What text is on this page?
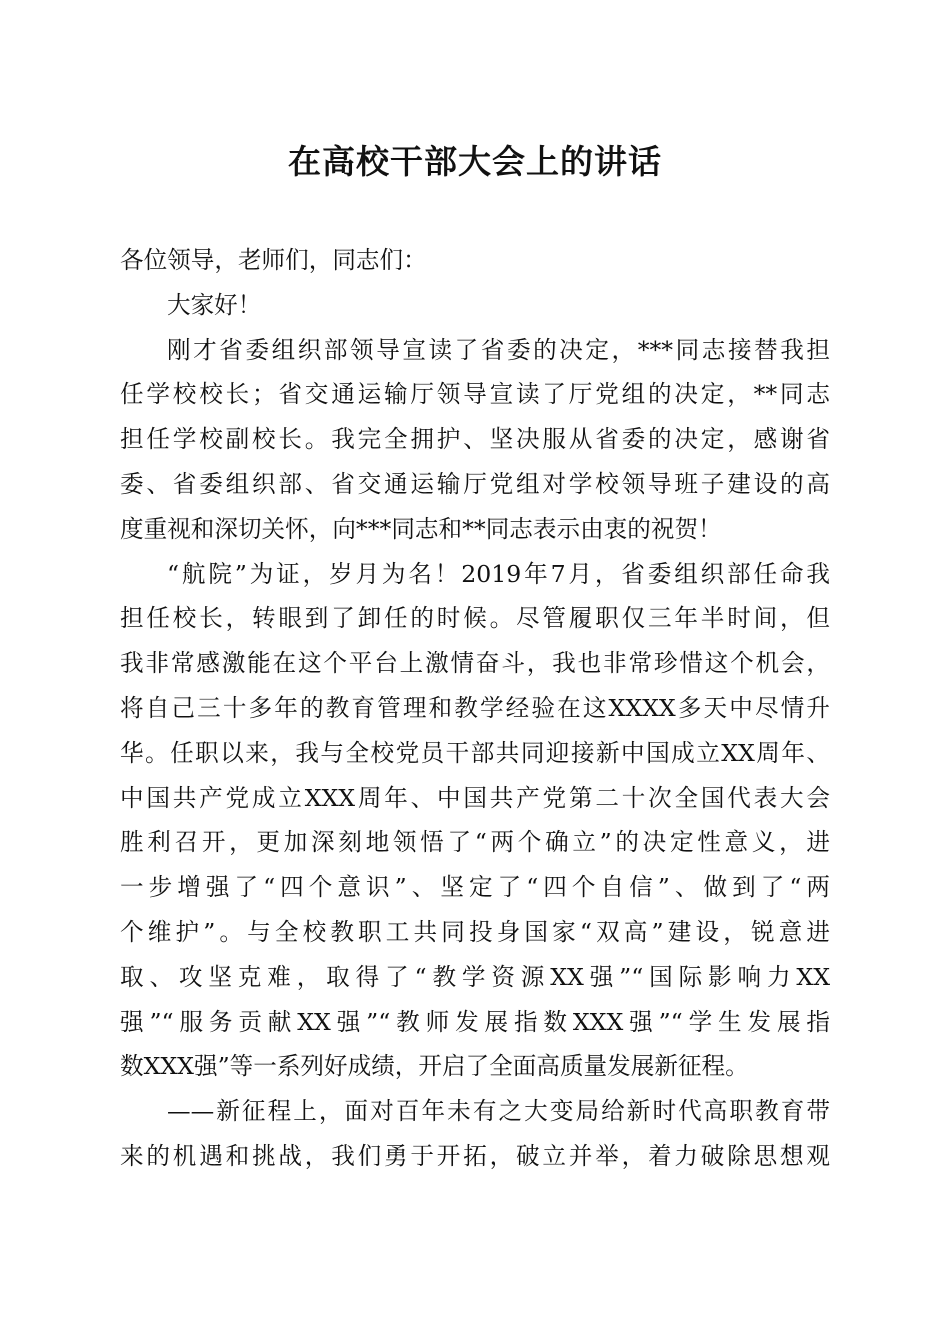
在高校干部大会上的讲话
各位领导，老师们，同志们：
大家好！
刚才省委组织部领导宣读了省委的决定，***同志接替我担
任学校校长；省交通运输厅领导宣读了厅党组的决定，**同志
担任学校副校长。我完全拥护、坚决服从省委的决定，感谢省
委、省委组织部、省交通运输厅党组对学校领导班子建设的高
度重视和深切关怀，向***同志和**同志表示由衷的祝贺！
“航院”为证，岁月为名！2019年7月，省委组织部任命我
担任校长，转眼到了卸任的时候。尽管履职仅三年半时间，但
我非常感激能在这个平台上激情奋斗，我也非常珍惜这个机会，
将自己三十多年的教育管理和教学经验在这XXXX多天中尽情升
华。任职以来，我与全校党员干部共同迎接新中国成立XX周年、
中国共产党成立XXX周年、中国共产党第二十次全国代表大会
胜利召开，更加深刻地领悟了“两个确立”的决定性意义，进
一步增强了“四个意识”、坚定了“四个自信”、做到了“两
个维护”。与全校教职工共同投身国家“双高”建设，锐意进
取、攻坚克难，取得了“教学资源XX强”“国际影响力XX
强”“服务贡献XX强”“教师发展指数XXX强”“学生发展指
数XXX强”等一系列好成绩，开启了全面高质量发展新征程。
——新征程上，面对百年未有之大变局给新时代高职教育带
来的机遇和挑战，我们勇于开拓，破立并举，着力破除思想观
